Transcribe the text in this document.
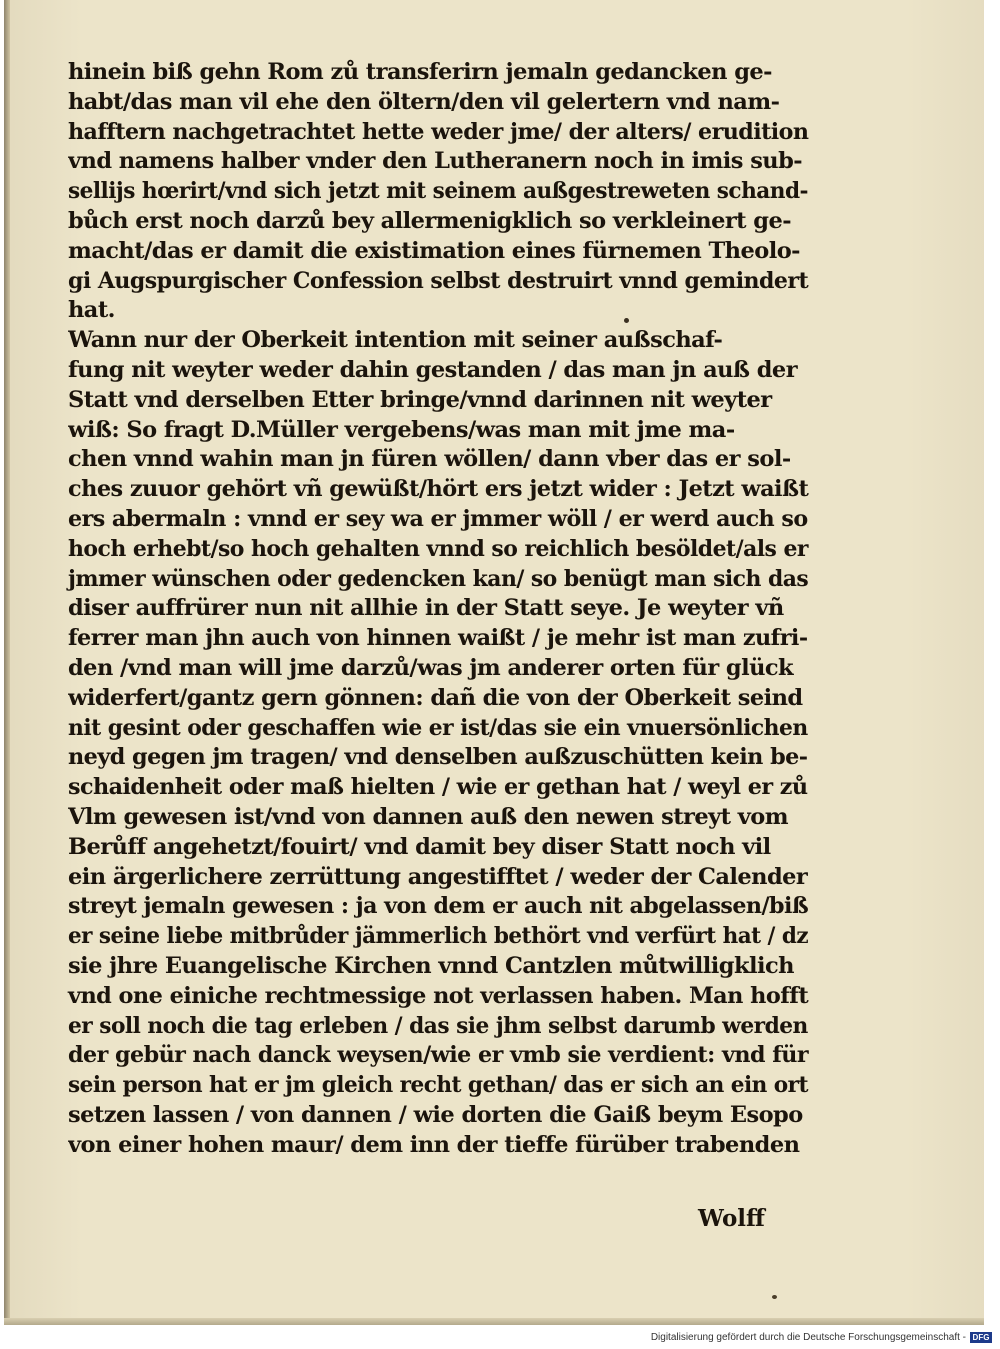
hinein biß gehn Rom zů transferirn jemaln gedancken ge-
habt/das man vil ehe den öltern/den vil gelertern vnd nam-
hafftern nachgetrachtet hette weder jme/ der alters/ erudition
vnd namens halber vnder den Lutheranern noch in imis sub-
sellijs hœrirt/vnd sich jetzt mit seinem außgestreweten schand-
bůch erst noch darzů bey allermenigklich so verkleinert ge-
macht/das er damit die existimation eines fürnemen Theolo-
gi Augspurgischer Confession selbst destruirt vnnd gemindert
hat.
Wann nur der Oberkeit intention mit seiner außschaf-
fung nit weyter weder dahin gestanden / das man jn auß der
Statt vnd derselben Etter bringe/vnnd darinnen nit weyter
wiß: So fragt D.Müller vergebens/was man mit jme ma-
chen vnnd wahin man jn füren wöllen/ dann vber das er sol-
ches zuuor gehört vñ gewüßt/hört ers jetzt wider : Jetzt waißt
ers abermaln : vnnd er sey wa er jmmer wöll / er werd auch so
hoch erhebt/so hoch gehalten vnnd so reichlich besöldet/als er
jmmer wünschen oder gedencken kan/ so benügt man sich das
diser auffrürer nun nit allhie in der Statt seye. Je weyter vñ
ferrer man jhn auch von hinnen waißt / je mehr ist man zufri-
den /vnd man will jme darzů/was jm anderer orten für glück
widerfert/gantz gern gönnen: dañ die von der Oberkeit seind
nit gesint oder geschaffen wie er ist/das sie ein vnuersönlichen
neyd gegen jm tragen/ vnd denselben außzuschütten kein be-
schaidenheit oder maß hielten / wie er gethan hat / weyl er zů
Vlm gewesen ist/vnd von dannen auß den newen streyt vom
Berůff angehetzt/fouirt/ vnd damit bey diser Statt noch vil
ein ärgerlichere zerrüttung angestifftet / weder der Calender
streyt jemaln gewesen : ja von dem er auch nit abgelassen/biß
er seine liebe mitbrůder jämmerlich bethört vnd verfürt hat / dz
sie jhre Euangelische Kirchen vnnd Cantzlen můtwilligklich
vnd one einiche rechtmessige not verlassen haben. Man hofft
er soll noch die tag erleben / das sie jhm selbst darumb werden
der gebür nach danck weysen/wie er vmb sie verdient: vnd für
sein person hat er jm gleich recht gethan/ das er sich an ein ort
setzen lassen / von dannen / wie dorten die Gaiß beym Esopo
von einer hohen maur/ dem inn der tieffe fürüber trabenden
Wolff
Digitalisierung gefördert durch die Deutsche Forschungsgemeinschaft - DFG
